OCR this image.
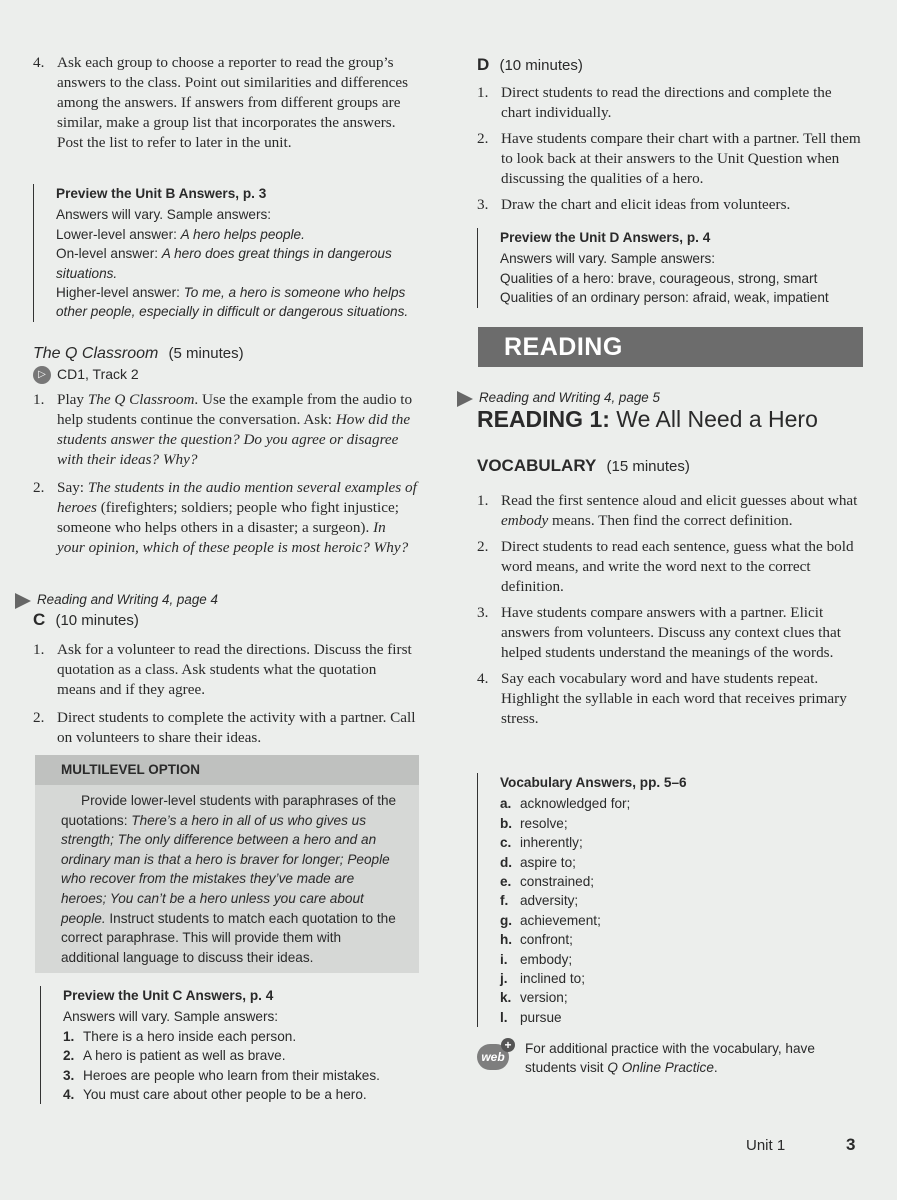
4. Ask each group to choose a reporter to read the group’s answers to the class. Point out similarities and differences among the answers. If answers from different groups are similar, make a group list that incorporates the answers. Post the list to refer to later in the unit.
Preview the Unit B Answers, p. 3

Answers will vary. Sample answers:

Lower-level answer: A hero helps people.

On-level answer: A hero does great things in dangerous situations.

Higher-level answer: To me, a hero is someone who helps other people, especially in difficult or dangerous situations.

The Q Classroom (5 minutes)
▷ CD1, Track 2
1. Play The Q Classroom. Use the example from the audio to help students continue the conversation. Ask: How did the students answer the question? Do you agree or disagree with their ideas? Why?
2. Say: The students in the audio mention several examples of heroes (firefighters; soldiers; people who fight injustice; someone who helps others in a disaster; a surgeon). In your opinion, which of these people is most heroic? Why?
Reading and Writing 4, page 4
C (10 minutes)
1. Ask for a volunteer to read the directions. Discuss the first quotation as a class. Ask students what the quotation means and if they agree.
2. Direct students to complete the activity with a partner. Call on volunteers to share their ideas.
MULTILEVEL OPTION
Provide lower-level students with paraphrases of the quotations: There’s a hero in all of us who gives us strength; The only difference between a hero and an ordinary man is that a hero is braver for longer; People who recover from the mistakes they’ve made are heroes; You can’t be a hero unless you care about people. Instruct students to match each quotation to the correct paraphrase. This will provide them with additional language to discuss their ideas.
Preview the Unit C Answers, p. 4

Answers will vary. Sample answers:

1. There is a hero inside each person.
2. A hero is patient as well as brave.
3. Heroes are people who learn from their mistakes.
4. You must care about other people to be a hero.
D (10 minutes)
1. Direct students to read the directions and complete the chart individually.
2. Have students compare their chart with a partner. Tell them to look back at their answers to the Unit Question when discussing the qualities of a hero.
3. Draw the chart and elicit ideas from volunteers.
Preview the Unit D Answers, p. 4

Answers will vary. Sample answers:

Qualities of a hero: brave, courageous, strong, smart

Qualities of an ordinary person: afraid, weak, impatient

READING
Reading and Writing 4, page 5
READING 1: We All Need a Hero
VOCABULARY (15 minutes)
1. Read the first sentence aloud and elicit guesses about what embody means. Then find the correct definition.
2. Direct students to read each sentence, guess what the bold word means, and write the word next to the correct definition.
3. Have students compare answers with a partner. Elicit answers from volunteers. Discuss any context clues that helped students understand the meanings of the words.
4. Say each vocabulary word and have students repeat. Highlight the syllable in each word that receives primary stress.
Vocabulary Answers, pp. 5–6
a. acknowledged for;
b. resolve;
c. inherently;
d. aspire to;
e. constrained;
f. adversity;
g. achievement;
h. confront;
i. embody;
j. inclined to;
k. version;
l. pursue
web
+ For additional practice with the vocabulary, have students visit Q Online Practice.
Unit 1	3
